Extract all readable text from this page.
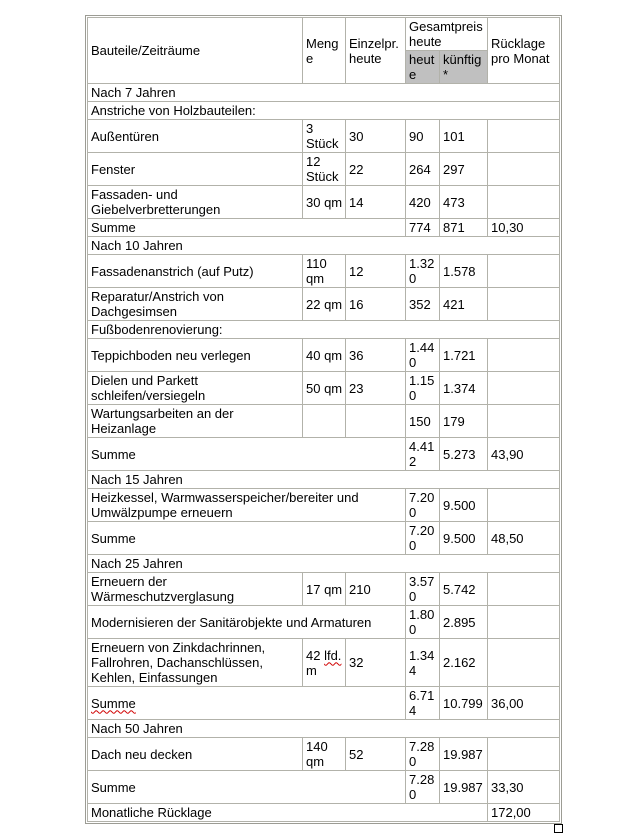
Bauteile/Zeiträume	Menge	Einzelpr. heute	Gesamtpreis heute		Rücklage pro Monat
			heute	künftig*	
Nach 7 Jahren					
Anstriche von Holzbauteilen:					
Außentüren	3 Stück	30	90	101	
Fenster	12 Stück	22	264	297	
Fassaden- und Giebelverbretterungen	30 qm	14	420	473	
Summe			774	871	10,30
Nach 10 Jahren					
Fassadenanstrich (auf Putz)	110 qm	12	1.320	1.578	
Reparatur/Anstrich von Dachgesimsen	22 qm	16	352	421	
Fußbodenrenovierung:					
Teppichboden neu verlegen	40 qm	36	1.440	1.721	
Dielen und Parkett schleifen/versiegeln	50 qm	23	1.150	1.374	
Wartungsarbeiten an der Heizanlage			150	179	
Summe			4.412	5.273	43,90
Nach 15 Jahren					
Heizkessel, Warmwasserspeicher/bereiter und Umwälzpumpe erneuern			7.200	9.500	
Summe			7.200	9.500	48,50
Nach 25 Jahren					
Erneuern der Wärmeschutzverglasung	17 qm	210	3.570	5.742	
Modernisieren der Sanitärobjekte und Armaturen			1.800	2.895	
Erneuern von Zinkdachrinnen, Fallrohren, Dachanschlüssen, Kehlen, Einfassungen	42 lfd. m	32	1.344	2.162	
Summe			6.714	10.799	36,00
Nach 50 Jahren					
Dach neu decken	140 qm	52	7.280	19.987	
Summe			7.280	19.987	33,30
Monatliche Rücklage					172,00
